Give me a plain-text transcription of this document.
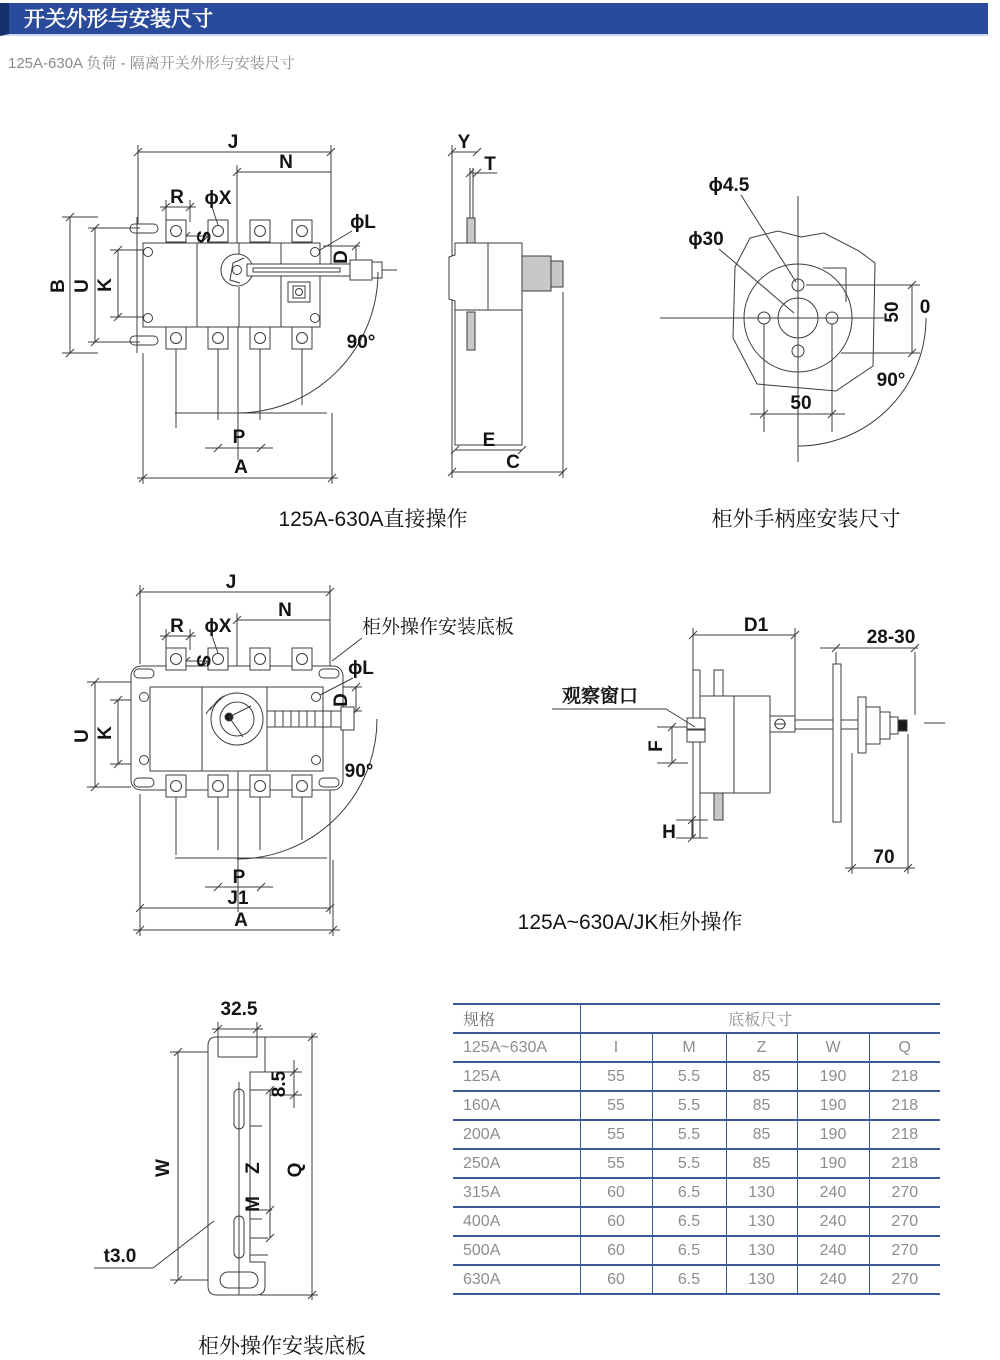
开关外形与安装尺寸
125A-630A 负荷 - 隔离开关外形与安装尺寸
J
N
R ϕX
S
ϕL
D
B U K
90°
P
A
Y
T
E
C
ϕ4.5
ϕ30
50 0
90°
50
J
N
柜外操作安装底板
R ϕX
S	ϕL
D
U K
90°
P
J1
A
D1
28-30
观察窗口
F
H
70
32.5
8.5
W	Z
M
Q
t3.0
125A-630A直接操作	柜外手柄座安装尺寸
125A~630A/JK柜外操作
柜外操作安装底板
规格	底板尺寸				
125A~630A	I	M	Z	W	Q
125A	55	5.5	85	190	218
160A	55	5.5	85	190	218
200A	55	5.5	85	190	218
250A	55	5.5	85	190	218
315A	60	6.5	130	240	270
400A	60	6.5	130	240	270
500A	60	6.5	130	240	270
630A	60	6.5	130	240	270
